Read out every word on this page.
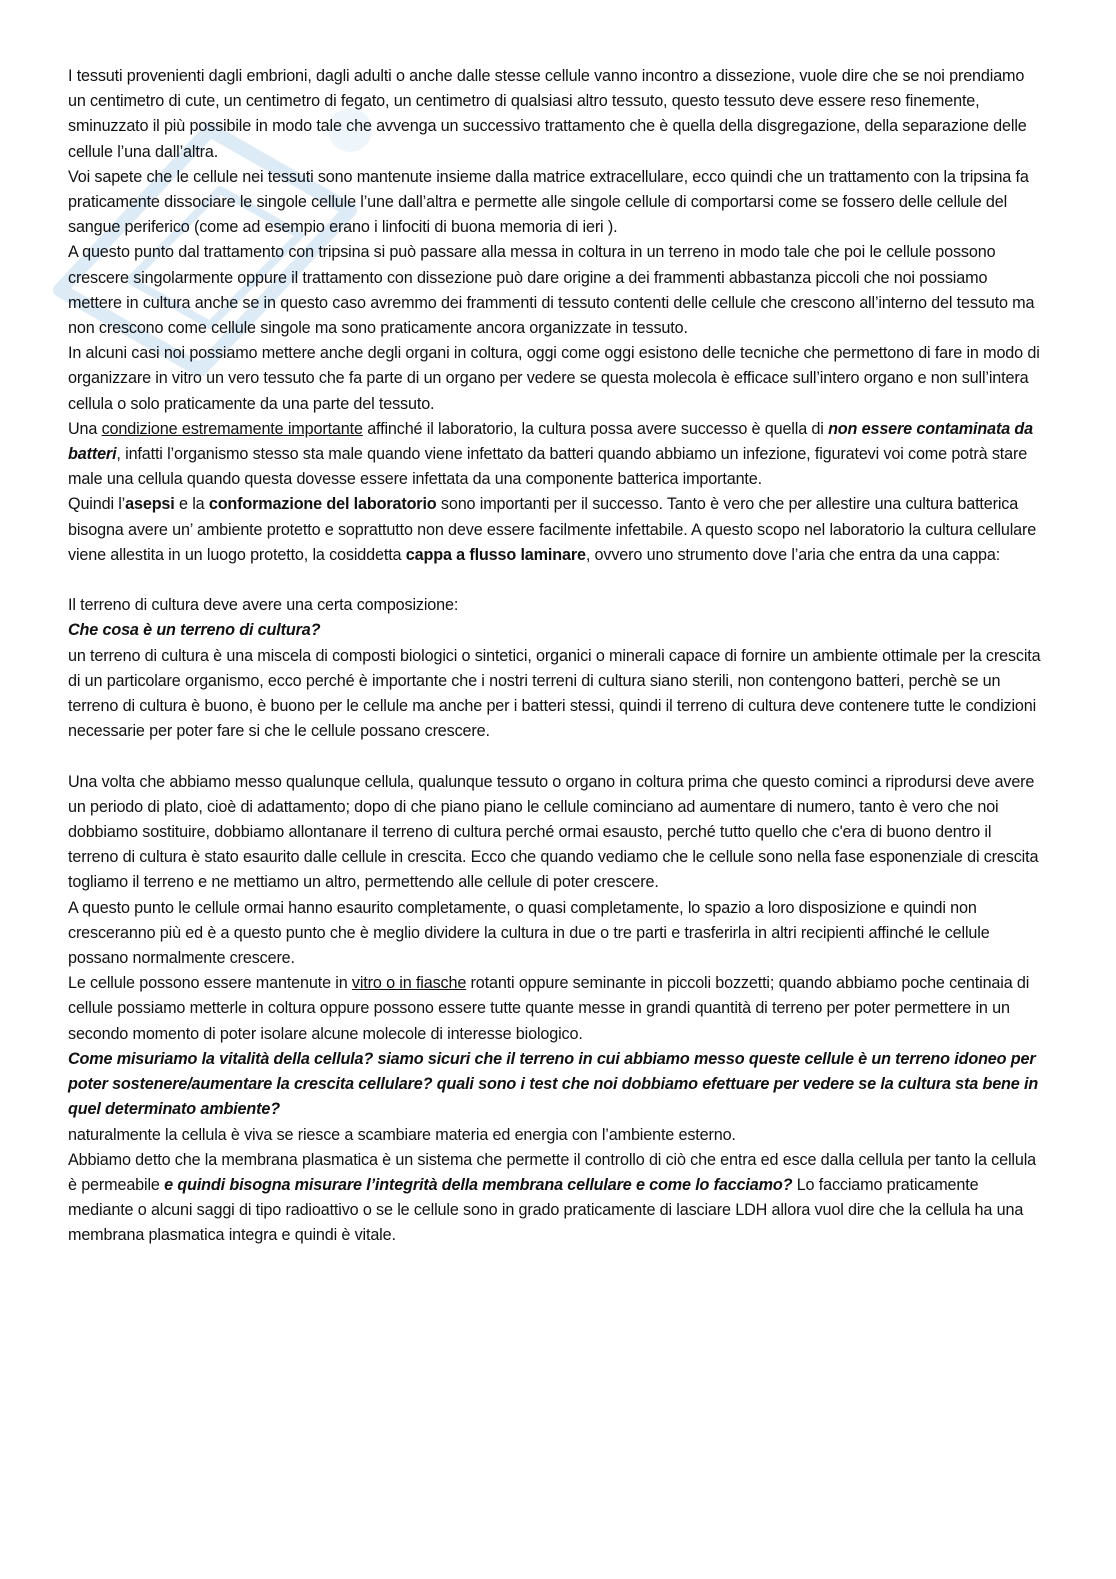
I tessuti provenienti dagli embrioni, dagli adulti o anche dalle stesse cellule vanno incontro a dissezione, vuole dire che se noi prendiamo un centimetro di cute, un centimetro di fegato, un centimetro di qualsiasi altro tessuto, questo tessuto deve essere reso finemente, sminuzzato il più possibile in modo tale che avvenga un successivo trattamento che è quella della disgregazione, della separazione delle cellule l’una dall’altra.

Voi sapete che le cellule nei tessuti sono mantenute insieme dalla matrice extracellulare, ecco quindi che un trattamento con la tripsina fa praticamente dissociare le singole cellule l’une dall’altra e permette alle singole cellule di comportarsi come se fossero delle cellule del sangue periferico (come ad esempio erano i linfociti di buona memoria di ieri ).

A questo punto dal trattamento con tripsina si può passare alla messa in coltura in un terreno in modo tale che poi le cellule possono crescere singolarmente oppure il trattamento con dissezione può dare origine a dei frammenti abbastanza piccoli che noi possiamo mettere in cultura anche se in questo caso avremmo dei frammenti di tessuto contenti delle cellule che crescono all’interno del tessuto ma non crescono come cellule singole ma sono praticamente ancora organizzate in tessuto.

In alcuni casi noi possiamo mettere anche degli organi in coltura, oggi come oggi esistono delle tecniche che permettono di fare in modo di organizzare in vitro un vero tessuto che fa parte di un organo per vedere se questa molecola è efficace sull’intero organo e non sull’intera cellula o solo praticamente da una parte del tessuto.

Una condizione estremamente importante affinché il laboratorio, la cultura possa avere successo è quella di non essere contaminata da batteri, infatti l’organismo stesso sta male quando viene infettato da batteri quando abbiamo un infezione, figuratevi voi come potrà stare male una cellula quando questa dovesse essere infettata da una componente batterica importante.

Quindi l’asepsi e la conformazione del laboratorio sono importanti per il successo. Tanto è vero che per allestire una cultura batterica bisogna avere un’ ambiente protetto e soprattutto non deve essere facilmente infettabile. A questo scopo nel laboratorio la cultura cellulare viene allestita in un luogo protetto, la cosiddetta cappa a flusso laminare, ovvero uno strumento dove l’aria che entra da una cappa:

Il terreno di cultura deve avere una certa composizione:

Che cosa è un terreno di cultura?

un terreno di cultura è una miscela di composti biologici o sintetici, organici o minerali capace di fornire un ambiente ottimale per la crescita di un particolare organismo, ecco perché è importante che i nostri terreni di cultura siano sterili, non contengono batteri, perchè se un terreno di cultura è buono, è buono per le cellule ma anche per i batteri stessi, quindi il terreno di cultura deve contenere tutte le condizioni necessarie per poter fare si che le cellule possano crescere.

Una volta che abbiamo messo qualunque cellula, qualunque tessuto o organo in coltura prima che questo cominci a riprodursi deve avere un periodo di plato, cioè di adattamento; dopo di che piano piano le cellule cominciano ad aumentare di numero, tanto è vero che noi dobbiamo sostituire, dobbiamo allontanare il terreno di cultura perché ormai esausto, perché tutto quello che c'era di buono dentro il terreno di cultura è stato esaurito dalle cellule in crescita. Ecco che quando vediamo che le cellule sono nella fase esponenziale di crescita togliamo il terreno e ne mettiamo un altro, permettendo alle cellule di poter crescere.

A questo punto le cellule ormai hanno esaurito completamente, o quasi completamente, lo spazio a loro disposizione e quindi non cresceranno più ed è a questo punto che è meglio dividere la cultura in due o tre parti e trasferirla in altri recipienti affinché le cellule possano normalmente crescere.

Le cellule possono essere mantenute in vitro o in fiasche rotanti oppure seminante in piccoli bozzetti; quando abbiamo poche centinaia di cellule possiamo metterle in coltura oppure possono essere tutte quante messe in grandi quantità di terreno per poter permettere in un secondo momento di poter isolare alcune molecole di interesse biologico.

Come misuriamo la vitalità della cellula? siamo sicuri che il terreno in cui abbiamo messo queste cellule è un terreno idoneo per poter sostenere/aumentare la crescita cellulare? quali sono i test che noi dobbiamo efettuare per vedere se la cultura sta bene in quel determinato ambiente?

naturalmente la cellula è viva se riesce a scambiare materia ed energia con l’ambiente esterno.

Abbiamo detto che la membrana plasmatica è un sistema che permette il controllo di ciò che entra ed esce dalla cellula per tanto la cellula è permeabile e quindi bisogna misurare l’integrità della membrana cellulare e come lo facciamo? Lo facciamo praticamente mediante o alcuni saggi di tipo radioattivo o se le cellule sono in grado praticamente di lasciare LDH allora vuol dire che la cellula ha una membrana plasmatica integra e quindi è vitale.
